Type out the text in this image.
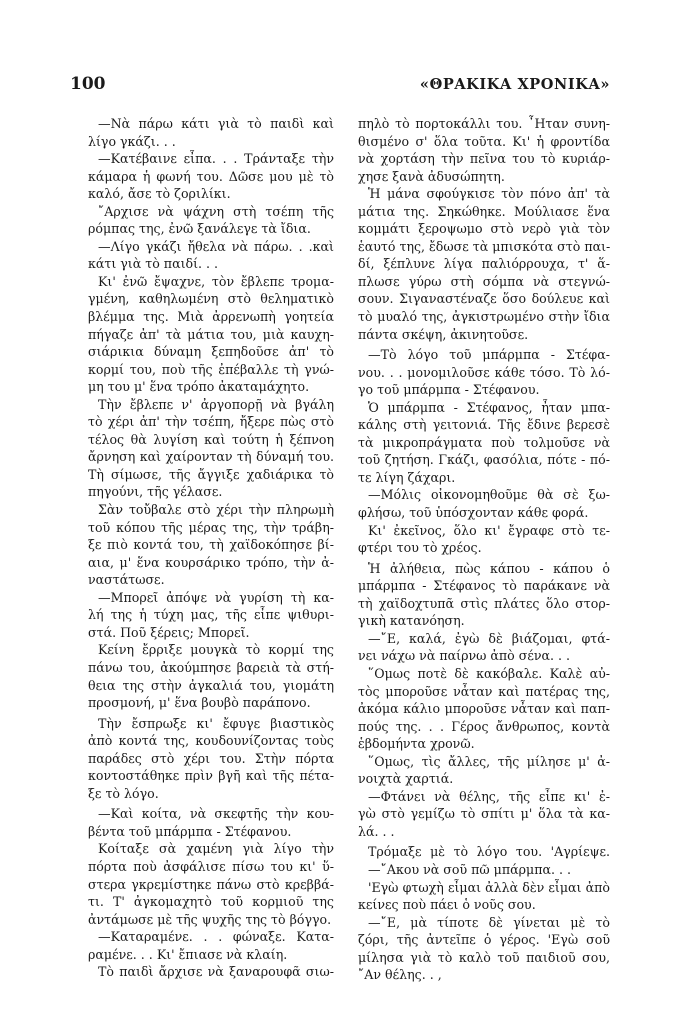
100	«ΘΡΑΚΙΚΑ ΧΡΟΝΙΚΑ»
—Νὰ πάρω κάτι γιὰ τὸ παιδὶ καὶ
λίγο γκάζι. . .
—Κατέβαινε εἶπα. . . Τράνταξε τὴν
κάμαρα ἡ φωνή του. Δῶσε μου μὲ τὸ
καλό, ἄσε τὸ ζοριλίκι.
῎Αρχισε νὰ ψάχνη στὴ τσέπη τῆς
ρόμπας της, ἐνῶ ξανάλεγε τὰ ἴδια.
—Λίγο γκάζι ἤθελα νὰ πάρω. . .καὶ
κάτι γιὰ τὸ παιδί. . .
Κι' ἐνῶ ἔψαχνε, τὸν ἔβλεπε τρομα-
γμένη, καθηλωμένη στὸ θεληματικὸ
βλέμμα της. Μιὰ ἀρρενωπὴ γοητεία
πήγαζε ἀπ' τὰ μάτια του, μιὰ καυχη-
σιάρικια δύναμη ξεπηδοῦσε ἀπ' τὸ
κορμί του, ποὺ τῆς ἐπέβαλλε τὴ γνώ-
μη του μ' ἕνα τρόπο ἀκαταμάχητο.
Τὴν ἔβλεπε ν' ἀργοπορῇ νὰ βγάλη
τὸ χέρι ἀπ' τὴν τσέπη, ἤξερε πὼς στὸ
τέλος θὰ λυγίση καὶ τούτη ἡ ξέπνοη
ἄρνηση καὶ χαίρονταν τὴ δύναμή του.
Τὴ σίμωσε, τῆς ἄγγιξε χαδιάρικα τὸ
πηγούνι, τῆς γέλασε.
Σὰν τοὔβαλε στὸ χέρι τὴν πληρωμὴ
τοῦ κόπου τῆς μέρας της, τὴν τράβη-
ξε πιὸ κοντά του, τὴ χαϊδοκόπησε βί-
αια, μ' ἕνα κουρσάρικο τρόπο, τὴν ἀ-
ναστάτωσε.
—Μπορεῖ ἀπόψε νὰ γυρίση τὴ κα-
λή της ἡ τύχη μας, τῆς εἶπε ψιθυρι-
στά. Ποῦ ξέρεις; Μπορεῖ.
Κείνη ἔρριξε μουγκὰ τὸ κορμί της
πάνω του, ἀκούμπησε βαρειὰ τὰ στή-
θεια της στὴν ἀγκαλιά του, γιομάτη
προσμονή, μ' ἕνα βουβὸ παράπονο.
Τὴν ἔσπρωξε κι' ἔφυγε βιαστικὸς
ἀπὸ κοντά της, κουδουνίζοντας τοὺς
παράδες στὸ χέρι του. Στὴν πόρτα
κοντοστάθηκε πρὶν βγῆ καὶ τῆς πέτα-
ξε τὸ λόγο.
—Καὶ κοίτα, νὰ σκεφτῆς τὴν κου-
βέντα τοῦ μπάρμπα - Στέφανου.
Κοίταξε σὰ χαμένη γιὰ λίγο τὴν
πόρτα ποὺ ἀσφάλισε πίσω του κι' ὕ-
στερα γκρεμίστηκε πάνω στὸ κρεββά-
τι. Τ' ἀγκομαχητὸ τοῦ κορμιοῦ της
ἀντάμωσε μὲ τῆς ψυχῆς της τὸ βόγγο.
—Καταραμένε. . . φώναξε. Κατα-
ραμένε. . . Κι' ἔπιασε νὰ κλαίη.
Τὸ παιδὶ ἄρχισε νὰ ξαναρουφᾶ σιω-
πηλὸ τὸ πορτοκάλλι του. ῏Ηταν συνη-
θισμένο σ' ὅλα τοῦτα. Κι' ἡ φροντίδα
νὰ χορτάση τὴν πεῖνα του τὸ κυριάρ-
χησε ξανὰ ἀδυσώπητη.
Ἡ μάνα σφούγκισε τὸν πόνο ἀπ' τὰ
μάτια της. Σηκώθηκε. Μούλιασε ἕνα
κομμάτι ξεροψωμο στὸ νερὸ γιὰ τὸν
ἑαυτό της, ἔδωσε τὰ μπισκότα στὸ παι-
δί, ξέπλυνε λίγα παλιόρρουχα, τ' ἅ-
πλωσε γύρω στὴ σόμπα νὰ στεγνώ-
σουν. Σιγαναστέναζε ὅσο δούλευε καὶ
τὸ μυαλό της, ἀγκιστρωμένο στὴν ἴδια
πάντα σκέψη, ἀκινητοῦσε.
—Τὸ λόγο τοῦ μπάρμπα - Στέφα-
νου. . . μονομιλοῦσε κάθε τόσο. Τὸ λό-
γο τοῦ μπάρμπα - Στέφανου.
Ὁ μπάρμπα - Στέφανος, ἦταν μπα-
κάλης στὴ γειτονιά. Τῆς ἔδινε βερεσὲ
τὰ μικροπράγματα ποὺ τολμοῦσε νὰ
τοῦ ζητήση. Γκάζι, φασόλια, πότε - πό-
τε λίγη ζάχαρι.
—Μόλις οἰκονομηθοῦμε θὰ σὲ ξω-
φλήσω, τοῦ ὑπόσχονταν κάθε φορά.
Κι' ἐκεῖνος, ὅλο κι' ἔγραφε στὸ τε-
φτέρι του τὸ χρέος.
Ἡ ἀλήθεια, πὼς κάπου - κάπου ὁ
μπάρμπα - Στέφανος τὸ παράκανε νὰ
τὴ χαϊδοχτυπᾶ στὶς πλάτες ὅλο στορ-
γικὴ κατανόηση.
—῎Ε, καλά, ἐγὼ δὲ βιάζομαι, φτά-
νει νάχω νὰ παίρνω ἀπὸ σένα. . .
῞Ομως ποτὲ δὲ κακόβαλε. Καλὲ αὐ-
τὸς μποροῦσε νἆταν καὶ πατέρας της,
ἀκόμα κάλιο μποροῦσε νἆταν καὶ παπ-
πούς της. . . Γέρος ἄνθρωπος, κοντὰ
ἑβδομήντα χρονῶ.
῞Ομως, τὶς ἄλλες, τῆς μίλησε μ' ἀ-
νοιχτὰ χαρτιά.
—Φτάνει νὰ θέλης, τῆς εἶπε κι' ἐ-
γὼ στὸ γεμίζω τὸ σπίτι μ' ὅλα τὰ κα-
λά. . .
Τρόμαξε μὲ τὸ λόγο του. 'Αγρίεψε.
—῎Ακου νὰ σοῦ πῶ μπάρμπα. . .
'Εγὼ φτωχὴ εἶμαι ἀλλὰ δὲν εἶμαι ἀπὸ
κείνες ποὺ πάει ὁ νοῦς σου.
—῎Ε, μὰ τίποτε δὲ γίνεται μὲ τὸ
ζόρι, τῆς ἀντεῖπε ὁ γέρος. 'Εγὼ σοῦ
μίλησα γιὰ τὸ καλὸ τοῦ παιδιοῦ σου,
῎Αν θέλης. . ,
